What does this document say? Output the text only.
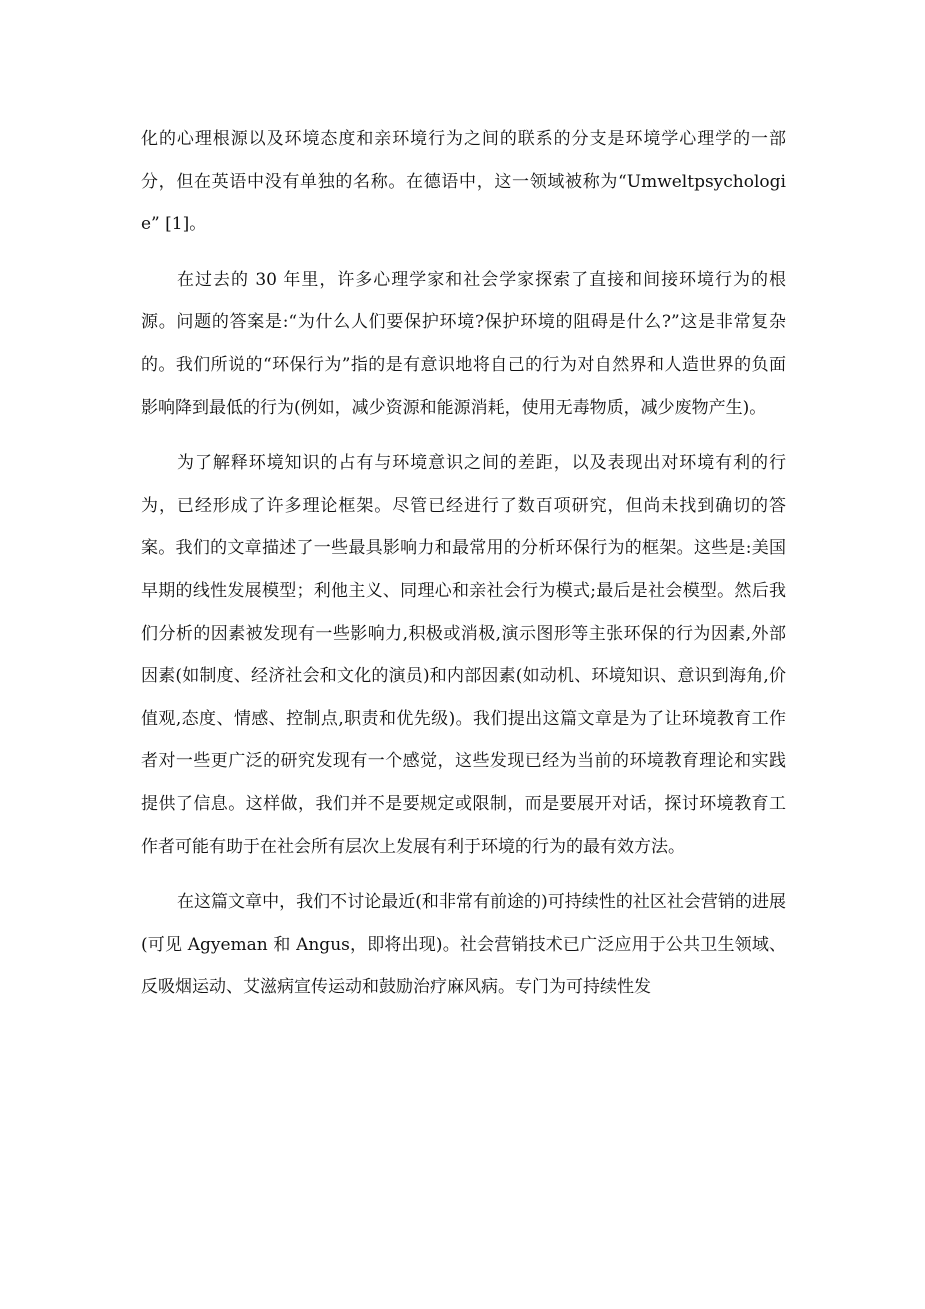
化的心理根源以及环境态度和亲环境行为之间的联系的分支是环境学心理学的一部分，但在英语中没有单独的名称。在德语中，这一领域被称为“Umweltpsychologie” [1]。

在过去的 30 年里，许多心理学家和社会学家探索了直接和间接环境行为的根源。问题的答案是:“为什么人们要保护环境?保护环境的阻碍是什么?”这是非常复杂的。我们所说的“环保行为”指的是有意识地将自己的行为对自然界和人造世界的负面影响降到最低的行为(例如，减少资源和能源消耗，使用无毒物质，减少废物产生)。

为了解释环境知识的占有与环境意识之间的差距，以及表现出对环境有利的行为，已经形成了许多理论框架。尽管已经进行了数百项研究，但尚未找到确切的答案。我们的文章描述了一些最具影响力和最常用的分析环保行为的框架。这些是:美国早期的线性发展模型；利他主义、同理心和亲社会行为模式;最后是社会模型。然后我们分析的因素被发现有一些影响力,积极或消极,演示图形等主张环保的行为因素,外部因素(如制度、经济社会和文化的演员)和内部因素(如动机、环境知识、意识到海角,价值观,态度、情感、控制点,职责和优先级)。我们提出这篇文章是为了让环境教育工作者对一些更广泛的研究发现有一个感觉，这些发现已经为当前的环境教育理论和实践提供了信息。这样做，我们并不是要规定或限制，而是要展开对话，探讨环境教育工作者可能有助于在社会所有层次上发展有利于环境的行为的最有效方法。

在这篇文章中，我们不讨论最近(和非常有前途的)可持续性的社区社会营销的进展(可见 Agyeman 和 Angus，即将出现)。社会营销技术已广泛应用于公共卫生领域、反吸烟运动、艾滋病宣传运动和鼓励治疗麻风病。专门为可持续性发
